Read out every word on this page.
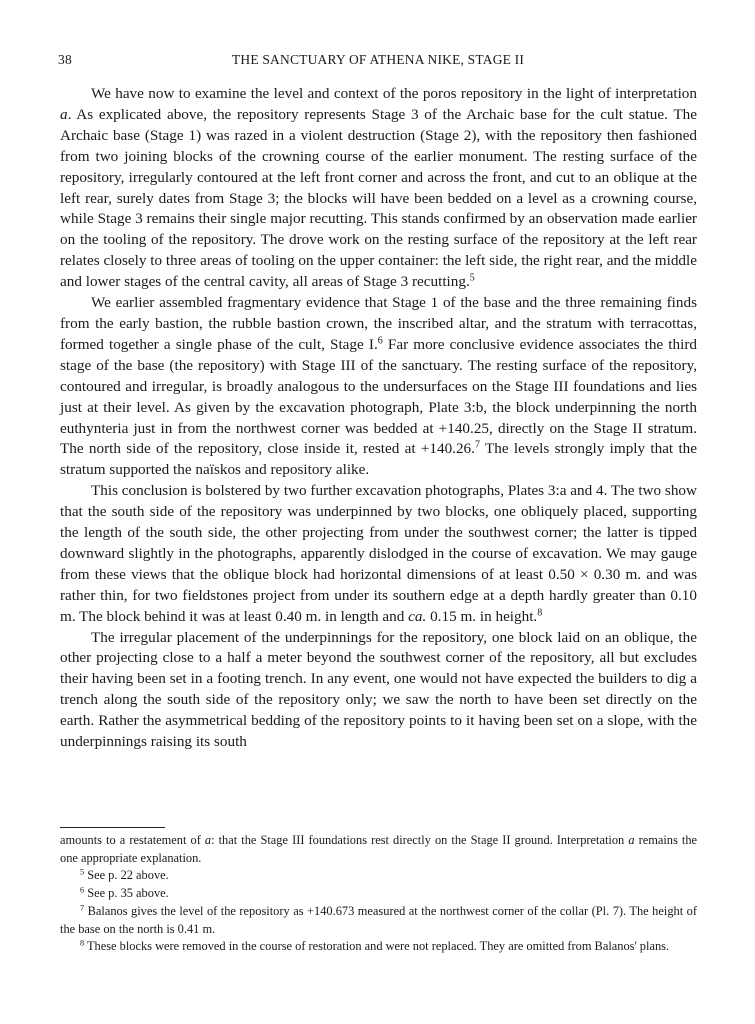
38	THE SANCTUARY OF ATHENA NIKE, STAGE II

We have now to examine the level and context of the poros repository in the light of interpretation a. As explicated above, the repository represents Stage 3 of the Archaic base for the cult statue. The Archaic base (Stage 1) was razed in a violent destruction (Stage 2), with the repository then fashioned from two joining blocks of the crowning course of the earlier monument. The resting surface of the repository, irregularly contoured at the left front corner and across the front, and cut to an oblique at the left rear, surely dates from Stage 3; the blocks will have been bedded on a level as a crowning course, while Stage 3 remains their single major recutting. This stands confirmed by an observation made earlier on the tooling of the repository. The drove work on the resting surface of the repository at the left rear relates closely to three areas of tooling on the upper container: the left side, the right rear, and the middle and lower stages of the central cavity, all areas of Stage 3 recutting.$^5$

We earlier assembled fragmentary evidence that Stage 1 of the base and the three remaining finds from the early bastion, the rubble bastion crown, the inscribed altar, and the stratum with terracottas, formed together a single phase of the cult, Stage I.$^6$ Far more conclusive evidence associates the third stage of the base (the repository) with Stage III of the sanctuary. The resting surface of the repository, contoured and irregular, is broadly analogous to the undersurfaces on the Stage III foundations and lies just at their level. As given by the excavation photograph, Plate 3:b, the block underpinning the north euthynteria just in from the northwest corner was bedded at +140.25, directly on the Stage II stratum. The north side of the repository, close inside it, rested at +140.26.$^7$ The levels strongly imply that the stratum supported the naïskos and repository alike.

This conclusion is bolstered by two further excavation photographs, Plates 3:a and 4. The two show that the south side of the repository was underpinned by two blocks, one obliquely placed, supporting the length of the south side, the other projecting from under the southwest corner; the latter is tipped downward slightly in the photographs, apparently dislodged in the course of excavation. We may gauge from these views that the oblique block had horizontal dimensions of at least 0.50 × 0.30 m. and was rather thin, for two fieldstones project from under its southern edge at a depth hardly greater than 0.10 m. The block behind it was at least 0.40 m. in length and ca. 0.15 m. in height.$^8$

The irregular placement of the underpinnings for the repository, one block laid on an oblique, the other projecting close to a half a meter beyond the southwest corner of the repository, all but excludes their having been set in a footing trench. In any event, one would not have expected the builders to dig a trench along the south side of the repository only; we saw the north to have been set directly on the earth. Rather the asymmetrical bedding of the repository points to it having been set on a slope, with the underpinnings raising its south

amounts to a restatement of a: that the Stage III foundations rest directly on the Stage II ground. Interpretation a remains the one appropriate explanation.

$^5$ See p. 22 above.

$^6$ See p. 35 above.

$^7$ Balanos gives the level of the repository as +140.673 measured at the northwest corner of the collar (Pl. 7). The height of the base on the north is 0.41 m.

$^8$ These blocks were removed in the course of restoration and were not replaced. They are omitted from Balanos' plans.
